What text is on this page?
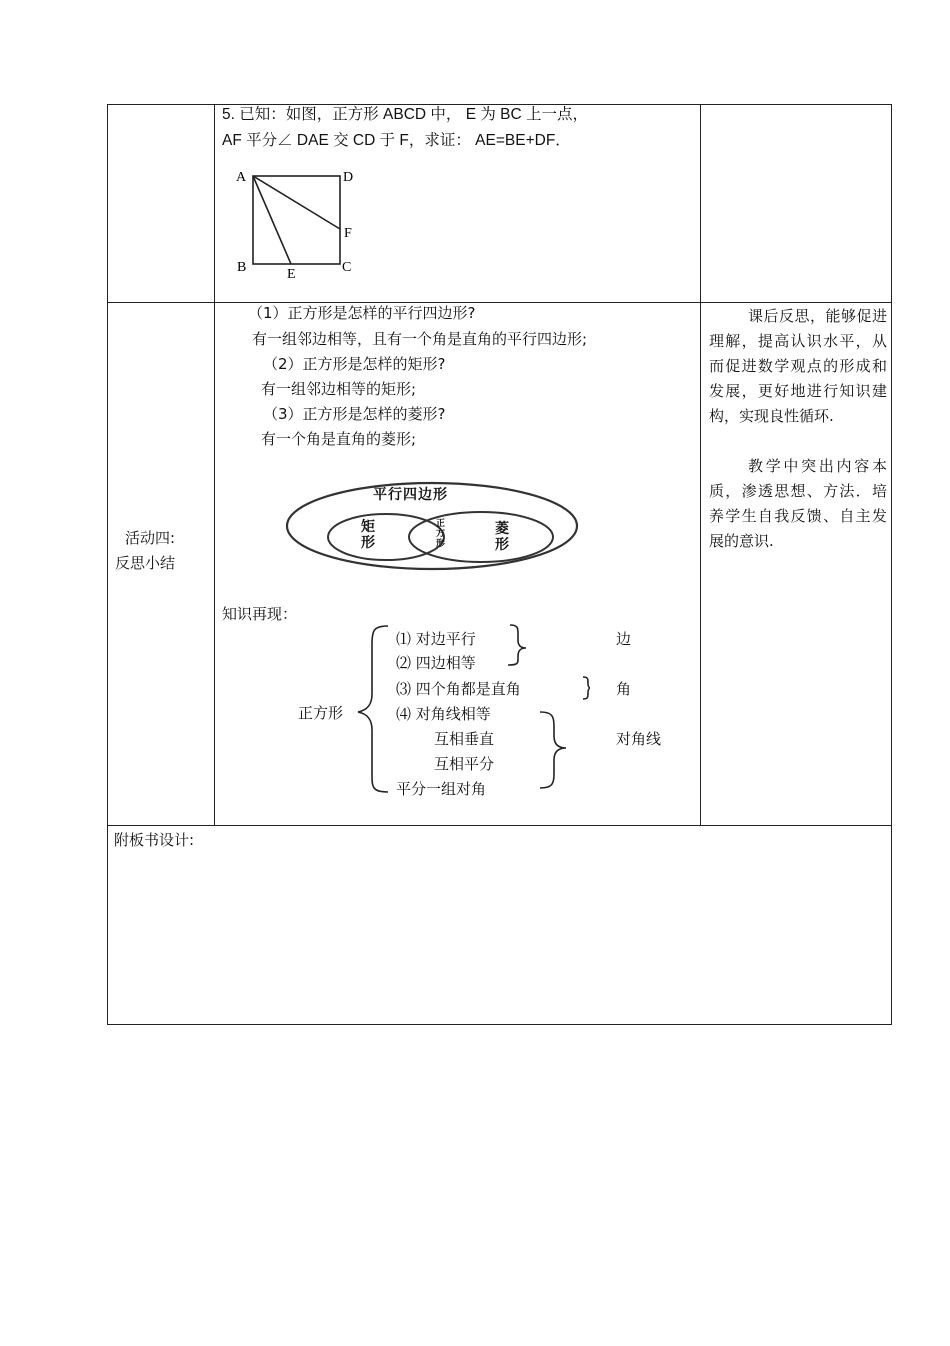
5. 已知：如图，正方形 ABCD 中， E 为 BC 上一点，
AF 平分∠ DAE 交 CD 于 F，求证： AE=BE+DF．
A	D
F
B	C
E
活动四:
反思小结
（1）正方形是怎样的平行四边形?
有一组邻边相等，且有一个角是直角的平行四边形;
（2）正方形是怎样的矩形?
有一组邻边相等的矩形;
（3）正方形是怎样的菱形?
有一个角是直角的菱形;
平行四边形
矩
形
正
方
形
菱
形
知识再现：
正方形
⑴ 对边平行
⑵ 四边相等
⑶ 四个角都是直角
⑷ 对角线相等
互相垂直
互相平分
平分一组对角
边
角
对角线
课后反思，能够促进理解，提高认识水平，从而促进数学观点的形成和发展，更好地进行知识建构，实现良性循环.
教学中突出内容本质，渗透思想、方法．培养学生自我反馈、自主发展的意识.
附板书设计:
